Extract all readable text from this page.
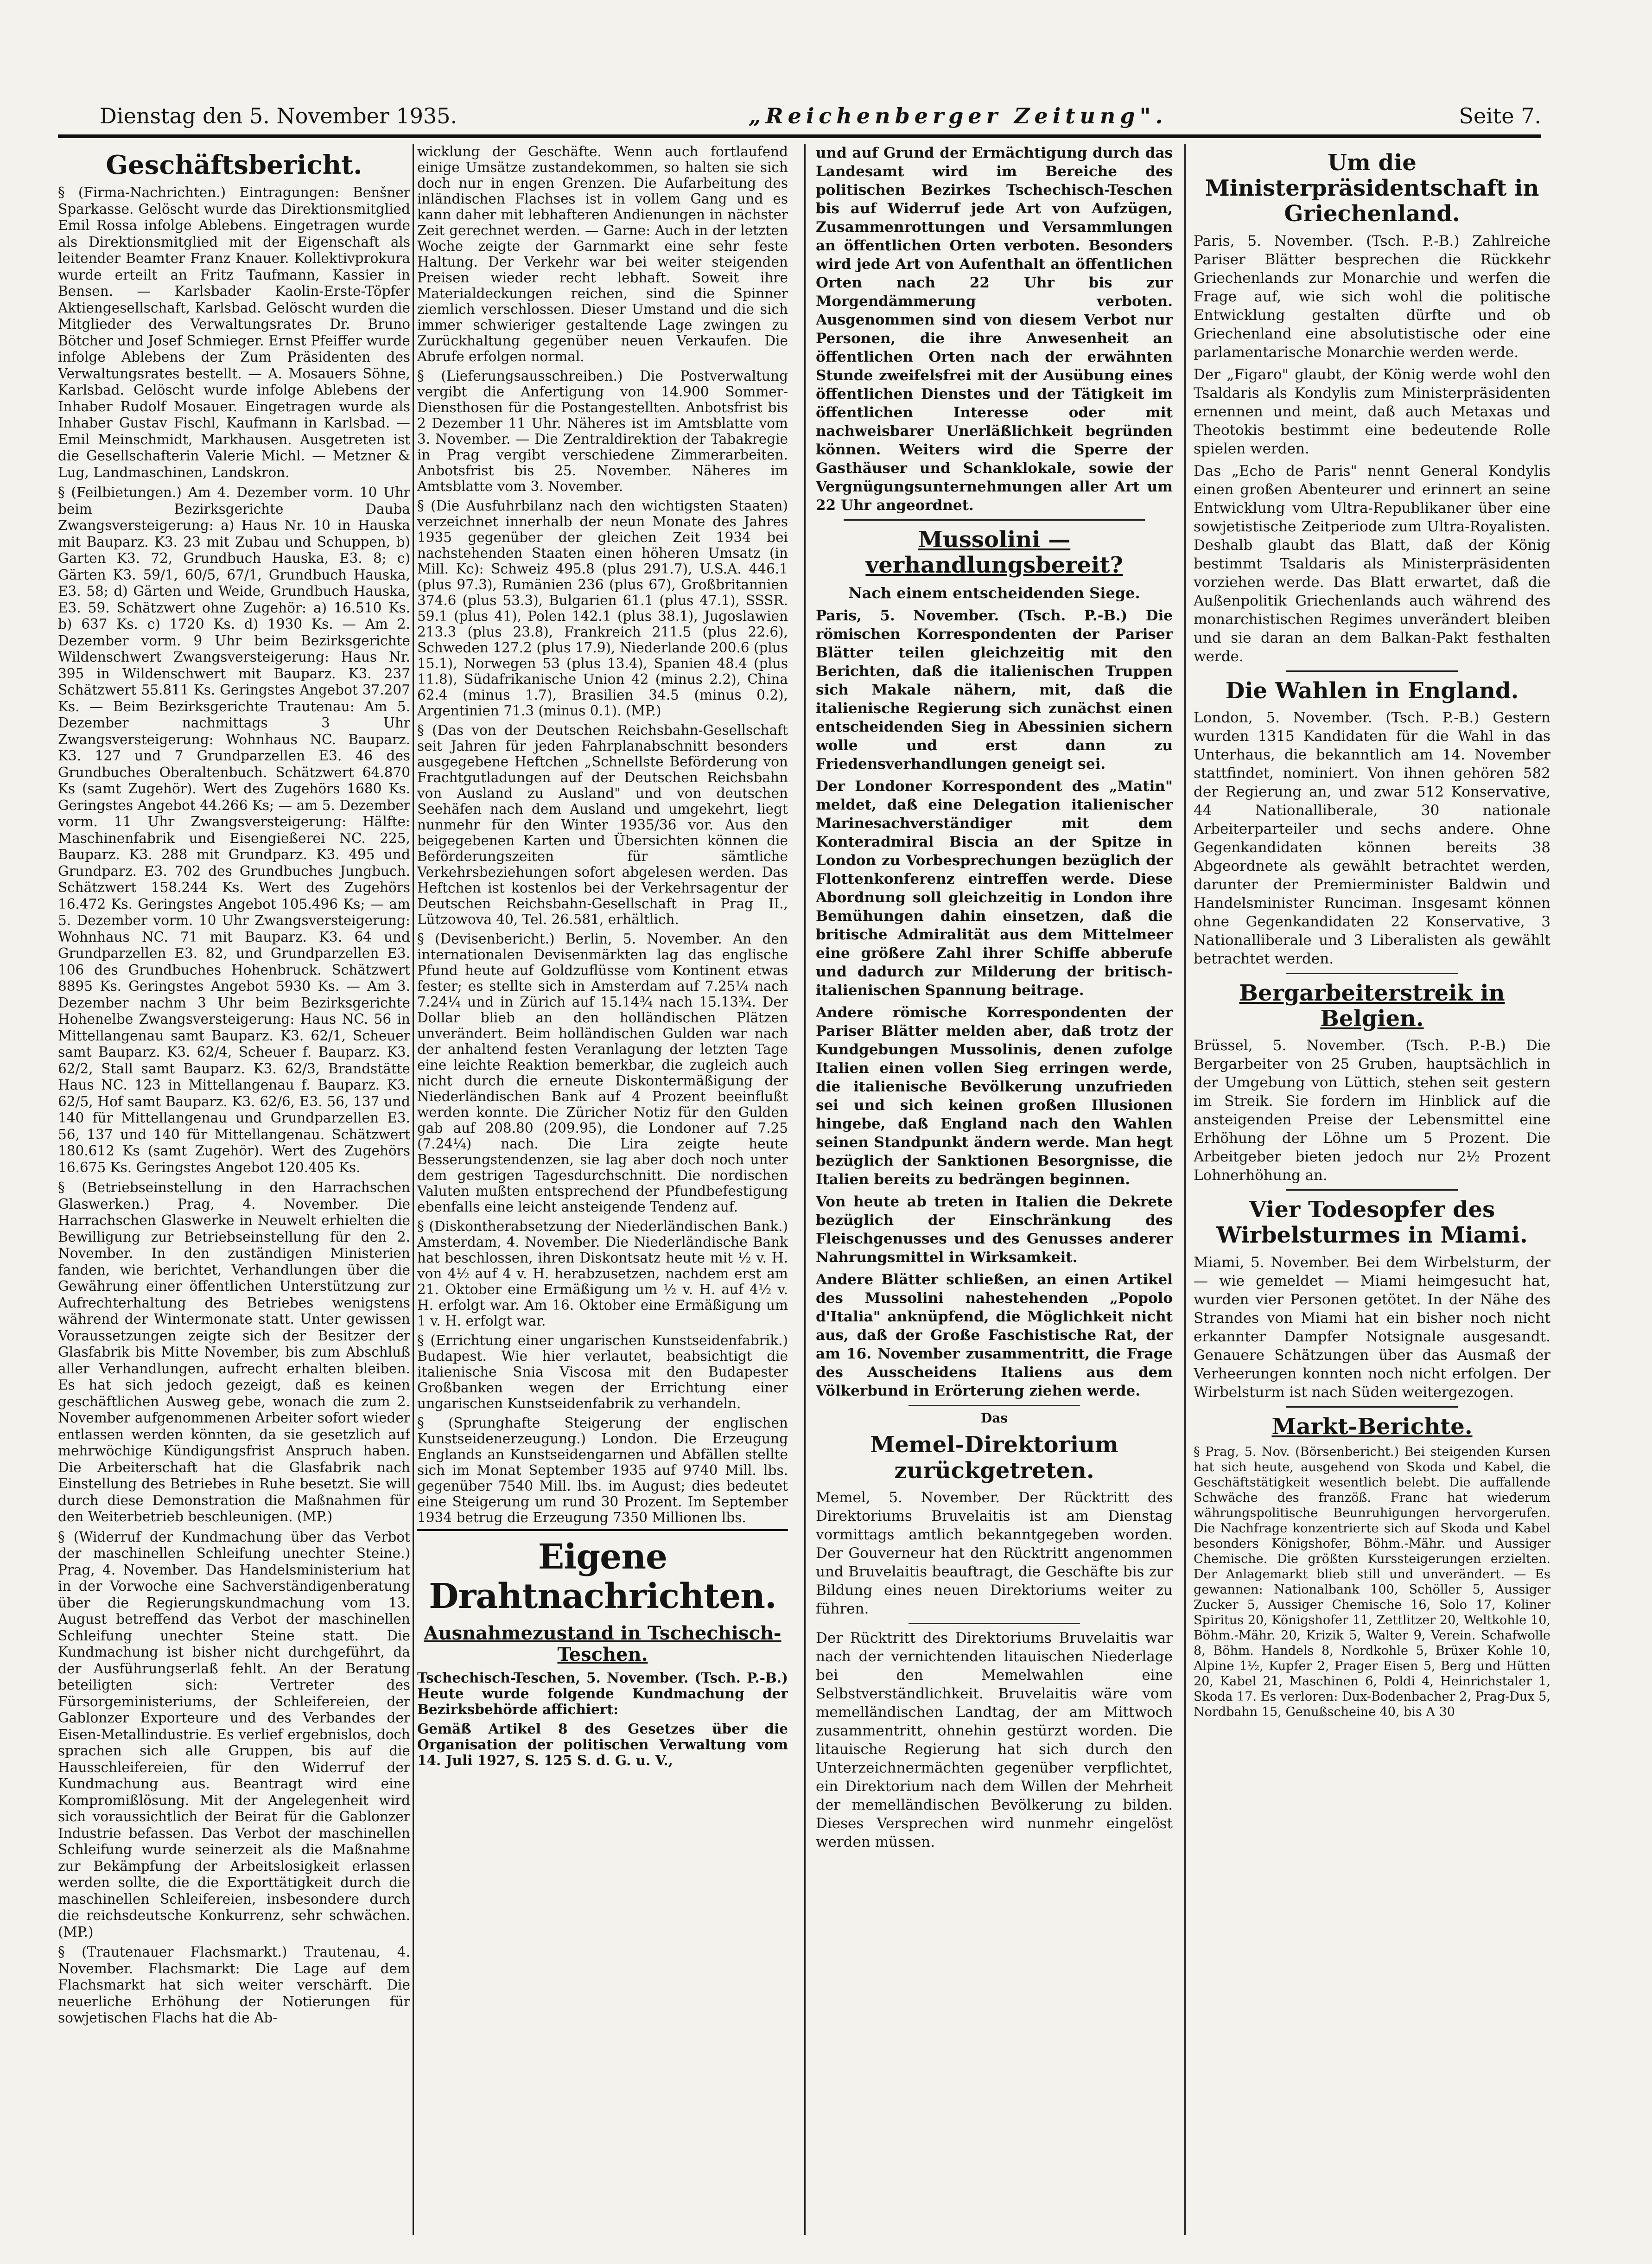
Dienstag den 5. November 1935.	„Reichenberger Zeitung".	Seite 7.
Geschäftsbericht.

§ (Firma-Nachrichten.) Eintragungen: Benšner Sparkasse. Gelöscht wurde das Direktionsmitglied Emil Rossa infolge Ablebens. Eingetragen wurde als Direktionsmitglied mit der Eigenschaft als leitender Beamter Franz Knauer. Kollektivprokura wurde erteilt an Fritz Taufmann, Kassier in Bensen. — Karlsbader Kaolin-Erste-Töpfer Aktiengesellschaft, Karlsbad. Gelöscht wurden die Mitglieder des Verwaltungsrates Dr. Bruno Bötcher und Josef Schmieger. Ernst Pfeiffer wurde infolge Ablebens der Zum Präsidenten des Verwaltungsrates bestellt. — A. Mosauers Söhne, Karlsbad. Gelöscht wurde infolge Ablebens der Inhaber Rudolf Mosauer. Eingetragen wurde als Inhaber Gustav Fischl, Kaufmann in Karlsbad. — Emil Meinschmidt, Markhausen. Ausgetreten ist die Gesellschafterin Valerie Michl. — Metzner & Lug, Landmaschinen, Landskron.

§ (Feilbietungen.) Am 4. Dezember vorm. 10 Uhr beim Bezirksgerichte Dauba Zwangsversteigerung: a) Haus Nr. 10 in Hauska mit Bauparz. K3. 23 mit Zubau und Schuppen, b) Garten K3. 72, Grundbuch Hauska, E3. 8; c) Gärten K3. 59/1, 60/5, 67/1, Grundbuch Hauska, E3. 58; d) Gärten und Weide, Grundbuch Hauska, E3. 59. Schätzwert ohne Zugehör: a) 16.510 Ks. b) 637 Ks. c) 1720 Ks. d) 1930 Ks. — Am 2. Dezember vorm. 9 Uhr beim Bezirksgerichte Wildenschwert Zwangsversteigerung: Haus Nr. 395 in Wildenschwert mit Bauparz. K3. 237 Schätzwert 55.811 Ks. Geringstes Angebot 37.207 Ks. — Beim Bezirksgerichte Trautenau: Am 5. Dezember nachmittags 3 Uhr Zwangsversteigerung: Wohnhaus NC. Bauparz. K3. 127 und 7 Grundparzellen E3. 46 des Grundbuches Oberaltenbuch. Schätzwert 64.870 Ks (samt Zugehör). Wert des Zugehörs 1680 Ks. Geringstes Angebot 44.266 Ks; — am 5. Dezember vorm. 11 Uhr Zwangsversteigerung: Hälfte: Maschinenfabrik und Eisengießerei NC. 225, Bauparz. K3. 288 mit Grundparz. K3. 495 und Grundparz. E3. 702 des Grundbuches Jungbuch. Schätzwert 158.244 Ks. Wert des Zugehörs 16.472 Ks. Geringstes Angebot 105.496 Ks; — am 5. Dezember vorm. 10 Uhr Zwangsversteigerung: Wohnhaus NC. 71 mit Bauparz. K3. 64 und Grundparzellen E3. 82, und Grundparzellen E3. 106 des Grundbuches Hohenbruck. Schätzwert 8895 Ks. Geringstes Angebot 5930 Ks. — Am 3. Dezember nachm 3 Uhr beim Bezirksgerichte Hohenelbe Zwangsversteigerung: Haus NC. 56 in Mittellangenau samt Bauparz. K3. 62/1, Scheuer samt Bauparz. K3. 62/4, Scheuer f. Bauparz. K3. 62/2, Stall samt Bauparz. K3. 62/3, Brandstätte Haus NC. 123 in Mittellangenau f. Bauparz. K3. 62/5, Hof samt Bauparz. K3. 62/6, E3. 56, 137 und 140 für Mittellangenau und Grundparzellen E3. 56, 137 und 140 für Mittellangenau. Schätzwert 180.612 Ks (samt Zugehör). Wert des Zugehörs 16.675 Ks. Geringstes Angebot 120.405 Ks.

§ (Betriebseinstellung in den Harrachschen Glaswerken.) Prag, 4. November. Die Harrachschen Glaswerke in Neuwelt erhielten die Bewilligung zur Betriebseinstellung für den 2. November. In den zuständigen Ministerien fanden, wie berichtet, Verhandlungen über die Gewährung einer öffentlichen Unterstützung zur Aufrechterhaltung des Betriebes wenigstens während der Wintermonate statt. Unter gewissen Voraussetzungen zeigte sich der Besitzer der Glasfabrik bis Mitte November, bis zum Abschluß aller Verhandlungen, aufrecht erhalten bleiben. Es hat sich jedoch gezeigt, daß es keinen geschäftlichen Ausweg gebe, wonach die zum 2. November aufgenommenen Arbeiter sofort wieder entlassen werden könnten, da sie gesetzlich auf mehrwöchige Kündigungsfrist Anspruch haben. Die Arbeiterschaft hat die Glasfabrik nach Einstellung des Betriebes in Ruhe besetzt. Sie will durch diese Demonstration die Maßnahmen für den Weiterbetrieb beschleunigen. (MP.)

§ (Widerruf der Kundmachung über das Verbot der maschinellen Schleifung unechter Steine.) Prag, 4. November. Das Handelsministerium hat in der Vorwoche eine Sachverständigenberatung über die Regierungskundmachung vom 13. August betreffend das Verbot der maschinellen Schleifung unechter Steine statt. Die Kundmachung ist bisher nicht durchgeführt, da der Ausführungserlaß fehlt. An der Beratung beteiligten sich: Vertreter des Fürsorgeministeriums, der Schleifereien, der Gablonzer Exporteure und des Verbandes der Eisen-Metallindustrie. Es verlief ergebnislos, doch sprachen sich alle Gruppen, bis auf die Hausschleifereien, für den Widerruf der Kundmachung aus. Beantragt wird eine Kompromißlösung. Mit der Angelegenheit wird sich voraussichtlich der Beirat für die Gablonzer Industrie befassen. Das Verbot der maschinellen Schleifung wurde seinerzeit als die Maßnahme zur Bekämpfung der Arbeitslosigkeit erlassen werden sollte, die die Exporttätigkeit durch die maschinellen Schleifereien, insbesondere durch die reichsdeutsche Konkurrenz, sehr schwächen. (MP.)

§ (Trautenauer Flachsmarkt.) Trautenau, 4. November. Flachsmarkt: Die Lage auf dem Flachsmarkt hat sich weiter verschärft. Die neuerliche Erhöhung der Notierungen für sowjetischen Flachs hat die Ab-

wicklung der Geschäfte. Wenn auch fortlaufend einige Umsätze zustandekommen, so halten sie sich doch nur in engen Grenzen. Die Aufarbeitung des inländischen Flachses ist in vollem Gang und es kann daher mit lebhafteren Andienungen in nächster Zeit gerechnet werden. — Garne: Auch in der letzten Woche zeigte der Garnmarkt eine sehr feste Haltung. Der Verkehr war bei weiter steigenden Preisen wieder recht lebhaft. Soweit ihre Materialdeckungen reichen, sind die Spinner ziemlich verschlossen. Dieser Umstand und die sich immer schwieriger gestaltende Lage zwingen zu Zurückhaltung gegenüber neuen Verkaufen. Die Abrufe erfolgen normal.

§ (Lieferungsausschreiben.) Die Postverwaltung vergibt die Anfertigung von 14.900 Sommer-Diensthosen für die Postangestellten. Anbotsfrist bis 2 Dezember 11 Uhr. Näheres ist im Amtsblatte vom 3. November. — Die Zentraldirektion der Tabakregie in Prag vergibt verschiedene Zimmerarbeiten. Anbotsfrist bis 25. November. Näheres im Amtsblatte vom 3. November.

§ (Die Ausfuhrbilanz nach den wichtigsten Staaten) verzeichnet innerhalb der neun Monate des Jahres 1935 gegenüber der gleichen Zeit 1934 bei nachstehenden Staaten einen höheren Umsatz (in Mill. Kc): Schweiz 495.8 (plus 291.7), U.S.A. 446.1 (plus 97.3), Rumänien 236 (plus 67), Großbritannien 374.6 (plus 53.3), Bulgarien 61.1 (plus 47.1), SSSR. 59.1 (plus 41), Polen 142.1 (plus 38.1), Jugoslawien 213.3 (plus 23.8), Frankreich 211.5 (plus 22.6), Schweden 127.2 (plus 17.9), Niederlande 200.6 (plus 15.1), Norwegen 53 (plus 13.4), Spanien 48.4 (plus 11.8), Südafrikanische Union 42 (minus 2.2), China 62.4 (minus 1.7), Brasilien 34.5 (minus 0.2), Argentinien 71.3 (minus 0.1). (MP.)

§ (Das von der Deutschen Reichsbahn-Gesellschaft seit Jahren für jeden Fahrplanabschnitt besonders ausgegebene Heftchen „Schnellste Beförderung von Frachtgutladungen auf der Deutschen Reichsbahn von Ausland zu Ausland" und von deutschen Seehäfen nach dem Ausland und umgekehrt, liegt nunmehr für den Winter 1935/36 vor. Aus den beigegebenen Karten und Übersichten können die Beförderungszeiten für sämtliche Verkehrsbeziehungen sofort abgelesen werden. Das Heftchen ist kostenlos bei der Verkehrsagentur der Deutschen Reichsbahn-Gesellschaft in Prag II., Lützowova 40, Tel. 26.581, erhältlich.

§ (Devisenbericht.) Berlin, 5. November. An den internationalen Devisenmärkten lag das englische Pfund heute auf Goldzuflüsse vom Kontinent etwas fester; es stellte sich in Amsterdam auf 7.25¼ nach 7.24¼ und in Zürich auf 15.14¾ nach 15.13¾. Der Dollar blieb an den holländischen Plätzen unverändert. Beim holländischen Gulden war nach der anhaltend festen Veranlagung der letzten Tage eine leichte Reaktion bemerkbar, die zugleich auch nicht durch die erneute Diskontermäßigung der Niederländischen Bank auf 4 Prozent beeinflußt werden konnte. Die Züricher Notiz für den Gulden gab auf 208.80 (209.95), die Londoner auf 7.25 (7.24¼) nach. Die Lira zeigte heute Besserungstendenzen, sie lag aber doch noch unter dem gestrigen Tagesdurchschnitt. Die nordischen Valuten mußten entsprechend der Pfundbefestigung ebenfalls eine leicht ansteigende Tendenz auf.

§ (Diskontherabsetzung der Niederländischen Bank.) Amsterdam, 4. November. Die Niederländische Bank hat beschlossen, ihren Diskontsatz heute mit ½ v. H. von 4½ auf 4 v. H. herabzusetzen, nachdem erst am 21. Oktober eine Ermäßigung um ½ v. H. auf 4½ v. H. erfolgt war. Am 16. Oktober eine Ermäßigung um 1 v. H. erfolgt war.

§ (Errichtung einer ungarischen Kunstseidenfabrik.) Budapest. Wie hier verlautet, beabsichtigt die italienische Snia Viscosa mit den Budapester Großbanken wegen der Errichtung einer ungarischen Kunstseidenfabrik zu verhandeln.

§ (Sprunghafte Steigerung der englischen Kunstseidenerzeugung.) London. Die Erzeugung Englands an Kunstseidengarnen und Abfällen stellte sich im Monat September 1935 auf 9740 Mill. lbs. gegenüber 7540 Mill. lbs. im August; dies bedeutet eine Steigerung um rund 30 Prozent. Im September 1934 betrug die Erzeugung 7350 Millionen lbs.

Eigene Drahtnachrichten.
Ausnahmezustand in Tschechisch-Teschen.

Tschechisch-Teschen, 5. November. (Tsch. P.-B.) Heute wurde folgende Kundmachung der Bezirksbehörde affichiert:

Gemäß Artikel 8 des Gesetzes über die Organisation der politischen Verwaltung vom 14. Juli 1927, S. 125 S. d. G. u. V.,

und auf Grund der Ermächtigung durch das Landesamt wird im Bereiche des politischen Bezirkes Tschechisch-Teschen bis auf Widerruf jede Art von Aufzügen, Zusammenrottungen und Versammlungen an öffentlichen Orten verboten. Besonders wird jede Art von Aufenthalt an öffentlichen Orten nach 22 Uhr bis zur Morgendämmerung verboten. Ausgenommen sind von diesem Verbot nur Personen, die ihre Anwesenheit an öffentlichen Orten nach der erwähnten Stunde zweifelsfrei mit der Ausübung eines öffentlichen Dienstes und der Tätigkeit im öffentlichen Interesse oder mit nachweisbarer Unerläßlichkeit begründen können. Weiters wird die Sperre der Gasthäuser und Schanklokale, sowie der Vergnügungsunternehmungen aller Art um 22 Uhr angeordnet.

Mussolini — verhandlungsbereit?
Nach einem entscheidenden Siege.

Paris, 5. November. (Tsch. P.-B.) Die römischen Korrespondenten der Pariser Blätter teilen gleichzeitig mit den Berichten, daß die italienischen Truppen sich Makale nähern, mit, daß die italienische Regierung sich zunächst einen entscheidenden Sieg in Abessinien sichern wolle und erst dann zu Friedensverhandlungen geneigt sei.

Der Londoner Korrespondent des „Matin" meldet, daß eine Delegation italienischer Marinesachverständiger mit dem Konteradmiral Biscia an der Spitze in London zu Vorbesprechungen bezüglich der Flottenkonferenz eintreffen werde. Diese Abordnung soll gleichzeitig in London ihre Bemühungen dahin einsetzen, daß die britische Admiralität aus dem Mittelmeer eine größere Zahl ihrer Schiffe abberufe und dadurch zur Milderung der britisch-italienischen Spannung beitrage.

Andere römische Korrespondenten der Pariser Blätter melden aber, daß trotz der Kundgebungen Mussolinis, denen zufolge Italien einen vollen Sieg erringen werde, die italienische Bevölkerung unzufrieden sei und sich keinen großen Illusionen hingebe, daß England nach den Wahlen seinen Standpunkt ändern werde. Man hegt bezüglich der Sanktionen Besorgnisse, die Italien bereits zu bedrängen beginnen.

Von heute ab treten in Italien die Dekrete bezüglich der Einschränkung des Fleischgenusses und des Genusses anderer Nahrungsmittel in Wirksamkeit.

Andere Blätter schließen, an einen Artikel des Mussolini nahestehenden „Popolo d'Italia" anknüpfend, die Möglichkeit nicht aus, daß der Große Faschistische Rat, der am 16. November zusammentritt, die Frage des Ausscheidens Italiens aus dem Völkerbund in Erörterung ziehen werde.

Das
Memel-Direktorium zurückgetreten.

Memel, 5. November. Der Rücktritt des Direktoriums Bruvelaitis ist am Dienstag vormittags amtlich bekanntgegeben worden. Der Gouverneur hat den Rücktritt angenommen und Bruvelaitis beauftragt, die Geschäfte bis zur Bildung eines neuen Direktoriums weiter zu führen.

Der Rücktritt des Direktoriums Bruvelaitis war nach der vernichtenden litauischen Niederlage bei den Memelwahlen eine Selbstverständlichkeit. Bruvelaitis wäre vom memelländischen Landtag, der am Mittwoch zusammentritt, ohnehin gestürzt worden. Die litauische Regierung hat sich durch den Unterzeichnermächten gegenüber verpflichtet, ein Direktorium nach dem Willen der Mehrheit der memelländischen Bevölkerung zu bilden. Dieses Versprechen wird nunmehr eingelöst werden müssen.

Um die Ministerpräsidentschaft in Griechenland.

Paris, 5. November. (Tsch. P.-B.) Zahlreiche Pariser Blätter besprechen die Rückkehr Griechenlands zur Monarchie und werfen die Frage auf, wie sich wohl die politische Entwicklung gestalten dürfte und ob Griechenland eine absolutistische oder eine parlamentarische Monarchie werden werde.

Der „Figaro" glaubt, der König werde wohl den Tsaldaris als Kondylis zum Ministerpräsidenten ernennen und meint, daß auch Metaxas und Theotokis bestimmt eine bedeutende Rolle spielen werden.

Das „Echo de Paris" nennt General Kondylis einen großen Abenteurer und erinnert an seine Entwicklung vom Ultra-Republikaner über eine sowjetistische Zeitperiode zum Ultra-Royalisten. Deshalb glaubt das Blatt, daß der König bestimmt Tsaldaris als Ministerpräsidenten vorziehen werde. Das Blatt erwartet, daß die Außenpolitik Griechenlands auch während des monarchistischen Regimes unverändert bleiben und sie daran an dem Balkan-Pakt festhalten werde.

Die Wahlen in England.

London, 5. November. (Tsch. P.-B.) Gestern wurden 1315 Kandidaten für die Wahl in das Unterhaus, die bekanntlich am 14. November stattfindet, nominiert. Von ihnen gehören 582 der Regierung an, und zwar 512 Konservative, 44 Nationalliberale, 30 nationale Arbeiterparteiler und sechs andere. Ohne Gegenkandidaten können bereits 38 Abgeordnete als gewählt betrachtet werden, darunter der Premierminister Baldwin und Handelsminister Runciman. Insgesamt können ohne Gegenkandidaten 22 Konservative, 3 Nationalliberale und 3 Liberalisten als gewählt betrachtet werden.

Bergarbeiterstreik in Belgien.

Brüssel, 5. November. (Tsch. P.-B.) Die Bergarbeiter von 25 Gruben, hauptsächlich in der Umgebung von Lüttich, stehen seit gestern im Streik. Sie fordern im Hinblick auf die ansteigenden Preise der Lebensmittel eine Erhöhung der Löhne um 5 Prozent. Die Arbeitgeber bieten jedoch nur 2½ Prozent Lohnerhöhung an.

Vier Todesopfer des Wirbelsturmes in Miami.

Miami, 5. November. Bei dem Wirbelsturm, der — wie gemeldet — Miami heimgesucht hat, wurden vier Personen getötet. In der Nähe des Strandes von Miami hat ein bisher noch nicht erkannter Dampfer Notsignale ausgesandt. Genauere Schätzungen über das Ausmaß der Verheerungen konnten noch nicht erfolgen. Der Wirbelsturm ist nach Süden weitergezogen.

Markt-Berichte.

§ Prag, 5. Nov. (Börsenbericht.) Bei steigenden Kursen hat sich heute, ausgehend von Skoda und Kabel, die Geschäftstätigkeit wesentlich belebt. Die auffallende Schwäche des franzöß. Franc hat wiederum währungspolitische Beunruhigungen hervorgerufen. Die Nachfrage konzentrierte sich auf Skoda und Kabel besonders Königshofer, Böhm.-Mähr. und Aussiger Chemische. Die größten Kurssteigerungen erzielten. Der Anlagemarkt blieb still und unverändert. — Es gewannen: Nationalbank 100, Schöller 5, Aussiger Zucker 5, Aussiger Chemische 16, Solo 17, Koliner Spiritus 20, Königshofer 11, Zettlitzer 20, Weltkohle 10, Böhm.-Mähr. 20, Krizik 5, Walter 9, Verein. Schafwolle 8, Böhm. Handels 8, Nordkohle 5, Brüxer Kohle 10, Alpine 1½, Kupfer 2, Prager Eisen 5, Berg und Hütten 20, Kabel 21, Maschinen 6, Poldi 4, Heinrichstaler 1, Skoda 17. Es verloren: Dux-Bodenbacher 2, Prag-Dux 5, Nordbahn 15, Genußscheine 40, bis A 30
